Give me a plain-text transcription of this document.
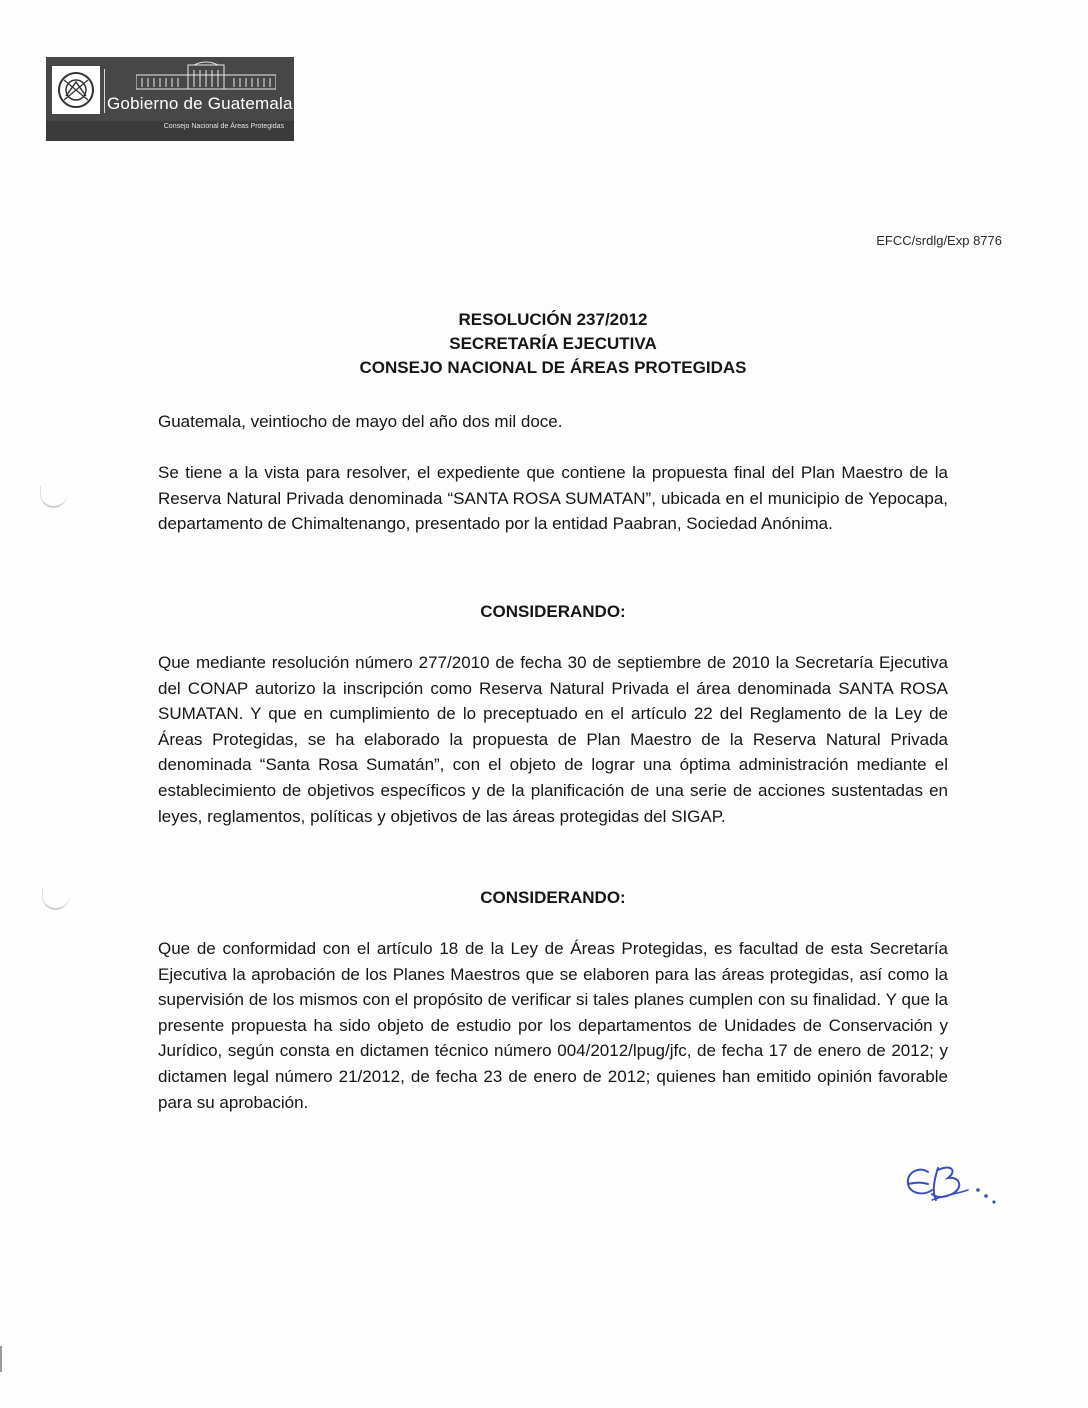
Gobierno de Guatemala
Consejo Nacional de Áreas Protegidas
EFCC/srdlg/Exp 8776
RESOLUCIÓN 237/2012
SECRETARÍA EJECUTIVA
CONSEJO NACIONAL DE ÁREAS PROTEGIDAS
Guatemala, veintiocho de mayo del año dos mil doce.
Se tiene a la vista para resolver, el expediente que contiene la propuesta final del Plan Maestro de la Reserva Natural Privada denominada “SANTA ROSA SUMATAN”, ubicada en el municipio de Yepocapa, departamento de Chimaltenango, presentado por la entidad Paabran, Sociedad Anónima.
CONSIDERANDO:
Que mediante resolución número 277/2010 de fecha 30 de septiembre de 2010 la Secretaría Ejecutiva del CONAP autorizo la inscripción como Reserva Natural Privada el área denominada SANTA ROSA SUMATAN. Y que en cumplimiento de lo preceptuado en el artículo 22 del Reglamento de la Ley de Áreas Protegidas, se ha elaborado la propuesta de Plan Maestro de la Reserva Natural Privada denominada “Santa Rosa Sumatán”, con el objeto de lograr una óptima administración mediante el establecimiento de objetivos específicos y de la planificación de una serie de acciones sustentadas en leyes, reglamentos, políticas y objetivos de las áreas protegidas del SIGAP.
CONSIDERANDO:
Que de conformidad con el artículo 18 de la Ley de Áreas Protegidas, es facultad de esta Secretaría Ejecutiva la aprobación de los Planes Maestros que se elaboren para las áreas protegidas, así como la supervisión de los mismos con el propósito de verificar si tales planes cumplen con su finalidad. Y que la presente propuesta ha sido objeto de estudio por los departamentos de Unidades de Conservación y Jurídico, según consta en dictamen técnico número 004/2012/lpug/jfc, de fecha 17 de enero de 2012; y dictamen legal número 21/2012, de fecha 23 de enero de 2012; quienes han emitido opinión favorable para su aprobación.
